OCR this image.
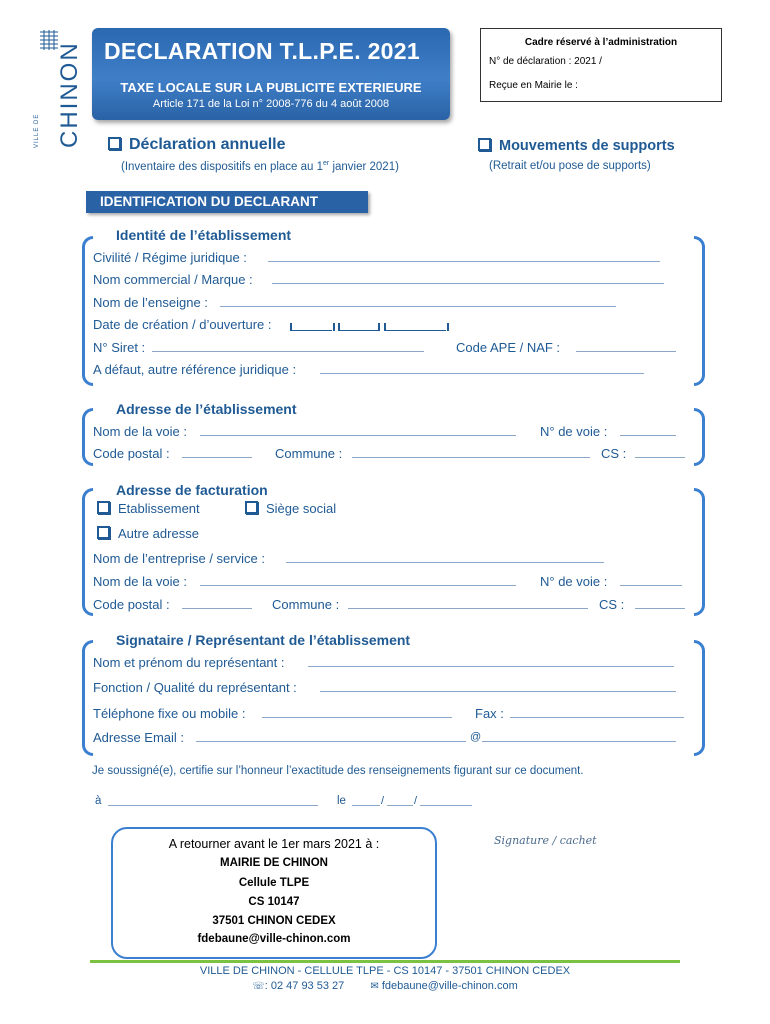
CHINON
VILLE DE
DECLARATION T.L.P.E. 2021
TAXE LOCALE SUR LA PUBLICITE EXTERIEURE
Article 171 de la Loi n° 2008-776 du 4 août 2008
Cadre réservé à l’administration
N° de déclaration : 2021 /
Reçue en Mairie le :
Déclaration annuelle
(Inventaire des dispositifs en place au 1er janvier 2021)
Mouvements de supports
(Retrait et/ou pose de supports)
IDENTIFICATION DU DECLARANT
Identité de l’établissement
Civilité / Régime juridique :
Nom commercial / Marque :
Nom de l’enseigne :
Date de création / d’ouverture :
N° Siret :	Code APE / NAF :
A défaut, autre référence juridique :
Adresse de l’établissement
Nom de la voie :	N° de voie :
Code postal :	Commune :	CS :
Adresse de facturation
Etablissement	Siège social
Autre adresse
Nom de l’entreprise / service :
Nom de la voie :	N° de voie :
Code postal :	Commune :	CS :
Signataire / Représentant de l’établissement
Nom et prénom du représentant :
Fonction / Qualité du représentant :
Téléphone fixe ou mobile :	Fax :
Adresse Email :	@
Je soussigné(e), certifie sur l’honneur l’exactitude des renseignements figurant sur ce document.
à	le	/	/
A retourner avant le 1er mars 2021 à :
MAIRIE DE CHINON
Cellule TLPE
CS 10147
37501 CHINON CEDEX
fdebaune@ville-chinon.com
Signature / cachet
VILLE DE CHINON - CELLULE TLPE - CS 10147 - 37501 CHINON CEDEX
☏: 02 47 93 53 27	✉ fdebaune@ville-chinon.com
